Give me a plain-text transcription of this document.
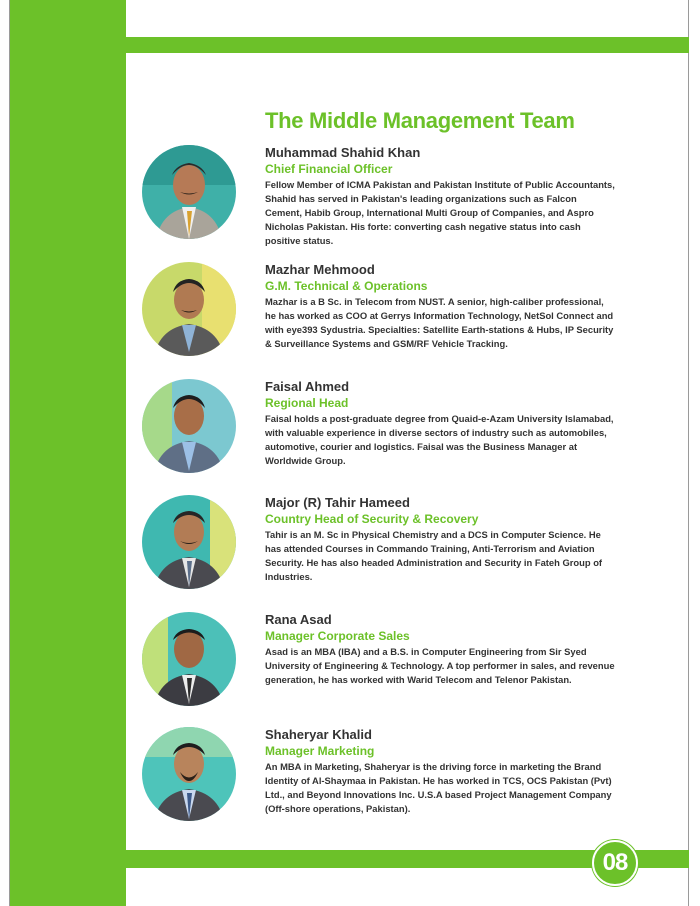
08
The Middle Management Team

Muhammad Shahid Khan

Chief Financial Officer

Fellow Member of ICMA Pakistan and Pakistan Institute of Public Accountants, Shahid has served in Pakistan's leading organizations such as Falcon Cement, Habib Group, International Multi Group of Companies, and Aspro Nicholas Pakistan. His forte: converting cash negative status into cash positive status.

Mazhar Mehmood

G.M. Technical & Operations

Mazhar is a B Sc. in Telecom from NUST. A senior, high-caliber professional, he has worked as COO at Gerrys Information Technology, NetSol Connect and with eye393 Sydustria. Specialties: Satellite Earth-stations & Hubs, IP Security & Surveillance Systems and GSM/RF Vehicle Tracking.

Faisal Ahmed

Regional Head

Faisal holds a post-graduate degree from Quaid-e-Azam University Islamabad, with valuable experience in diverse sectors of industry such as automobiles, automotive, courier and logistics. Faisal was the Business Manager at Worldwide Group.

Major (R) Tahir Hameed

Country Head of Security & Recovery

Tahir is an M. Sc in Physical Chemistry and a DCS in Computer Science. He has attended Courses in Commando Training, Anti-Terrorism and Aviation Security. He has also headed Administration and Security in Fateh Group of Industries.

Rana Asad

Manager Corporate Sales

Asad is an MBA (IBA) and a B.S. in Computer Engineering from Sir Syed University of Engineering & Technology. A top performer in sales, and revenue generation, he has worked with Warid Telecom and Telenor Pakistan.

Shaheryar Khalid

Manager Marketing

An MBA in Marketing, Shaheryar is the driving force in marketing the Brand Identity of Al-Shaymaa in Pakistan. He has worked in TCS, OCS Pakistan (Pvt) Ltd., and Beyond Innovations Inc. U.S.A based Project Management Company (Off-shore operations, Pakistan).
